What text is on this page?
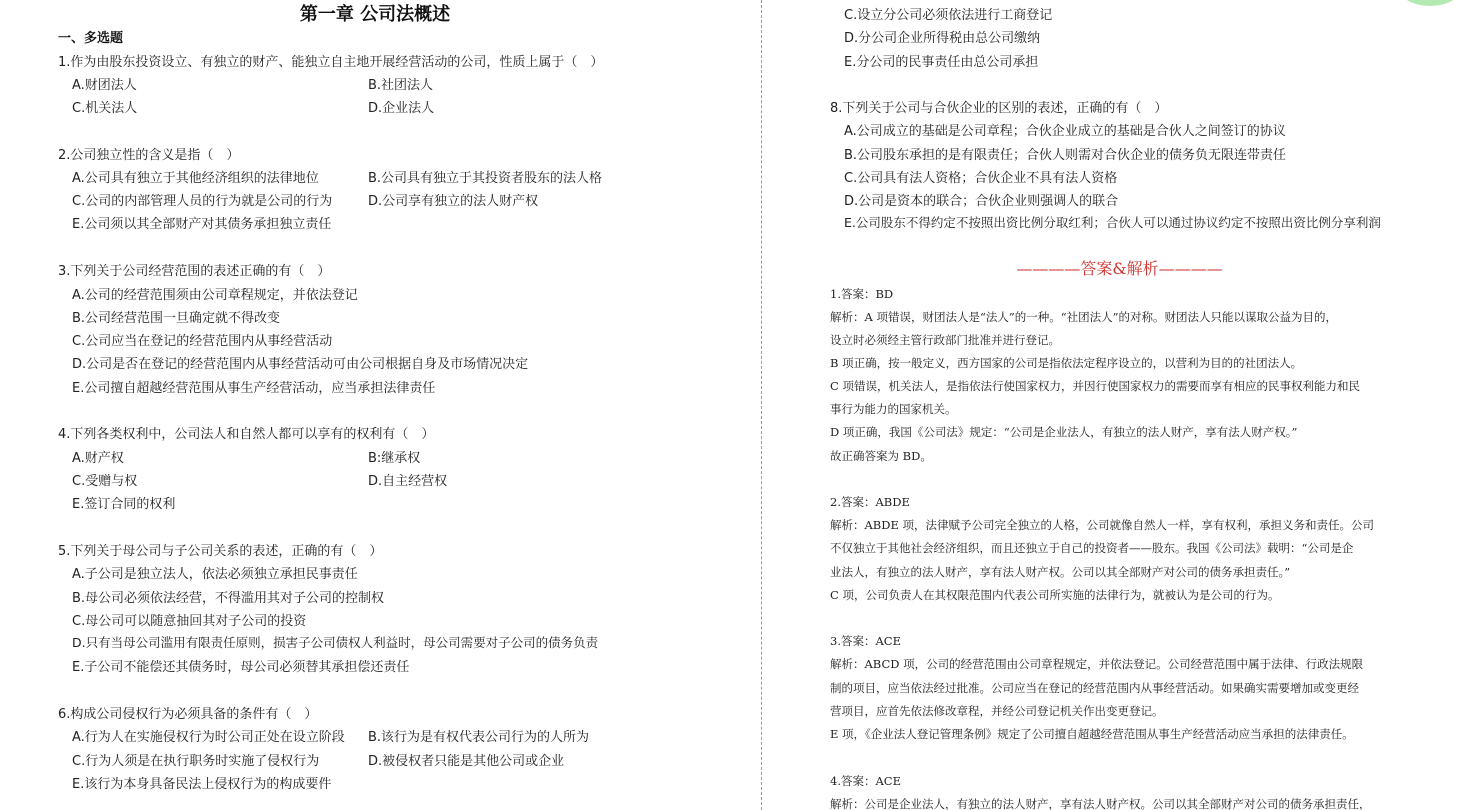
第一章 公司法概述
一、多选题
1.作为由股东投资设立、有独立的财产、能独立自主地开展经营活动的公司，性质上属于（　）
A.财团法人	B.社团法人
C.机关法人	D.企业法人
2.公司独立性的含义是指（　）
A.公司具有独立于其他经济组织的法律地位	B.公司具有独立于其投资者股东的法人格
C.公司的内部管理人员的行为就是公司的行为	D.公司享有独立的法人财产权
E.公司须以其全部财产对其债务承担独立责任
3.下列关于公司经营范围的表述正确的有（　）
A.公司的经营范围须由公司章程规定，并依法登记
B.公司经营范围一旦确定就不得改变
C.公司应当在登记的经营范围内从事经营活动
D.公司是否在登记的经营范围内从事经营活动可由公司根据自身及市场情况决定
E.公司擅自超越经营范围从事生产经营活动，应当承担法律责任
4.下列各类权利中，公司法人和自然人都可以享有的权利有（　）
A.财产权	B:继承权
C.受赠与权	D.自主经营权
E.签订合同的权利
5.下列关于母公司与子公司关系的表述，正确的有（　）
A.子公司是独立法人，依法必须独立承担民事责任
B.母公司必须依法经营，不得滥用其对子公司的控制权
C.母公司可以随意抽回其对子公司的投资
D.只有当母公司滥用有限责任原则，损害子公司债权人利益时，母公司需要对子公司的债务负责
E.子公司不能偿还其债务时，母公司必须替其承担偿还责任
6.构成公司侵权行为必须具备的条件有（　）
A.行为人在实施侵权行为时公司正处在设立阶段 B.该行为是有权代表公司行为的人所为
C.行为人须是在执行职务时实施了侵权行为	D.被侵权者只能是其他公司或企业
E.该行为本身具备民法上侵权行为的构成要件
C.设立分公司必须依法进行工商登记
D.分公司企业所得税由总公司缴纳
E.分公司的民事责任由总公司承担
8.下列关于公司与合伙企业的区别的表述，正确的有（　）
A.公司成立的基础是公司章程；合伙企业成立的基础是合伙人之间签订的协议
B.公司股东承担的是有限责任；合伙人则需对合伙企业的债务负无限连带责任
C.公司具有法人资格；合伙企业不具有法人资格
D.公司是资本的联合；合伙企业则强调人的联合
E.公司股东不得约定不按照出资比例分取红利；合伙人可以通过协议约定不按照出资比例分享利润
————答案&解析————
1.答案：BD
解析：A 项错误，财团法人是“法人”的一种。“社团法人”的对称。财团法人只能以谋取公益为目的，
设立时必须经主管行政部门批准并进行登记。
B 项正确，按一般定义，西方国家的公司是指依法定程序设立的，以营利为目的的社团法人。
C 项错误，机关法人，是指依法行使国家权力，并因行使国家权力的需要而享有相应的民事权利能力和民
事行为能力的国家机关。
D 项正确，我国《公司法》规定：“公司是企业法人，有独立的法人财产，享有法人财产权。”
故正确答案为 BD。
2.答案：ABDE
解析：ABDE 项，法律赋予公司完全独立的人格，公司就像自然人一样，享有权利，承担义务和责任。公司
不仅独立于其他社会经济组织，而且还独立于自己的投资者——股东。我国《公司法》载明：“公司是企
业法人，有独立的法人财产，享有法人财产权。公司以其全部财产对公司的债务承担责任。”
C 项，公司负责人在其权限范围内代表公司所实施的法律行为，就被认为是公司的行为。
3.答案：ACE
解析：ABCD 项，公司的经营范围由公司章程规定，并依法登记。公司经营范围中属于法律、行政法规限
制的项目，应当依法经过批准。公司应当在登记的经营范围内从事经营活动。如果确实需要增加或变更经
营项目，应首先依法修改章程，并经公司登记机关作出变更登记。
E 项，《企业法人登记管理条例》规定了公司擅自超越经营范围从事生产经营活动应当承担的法律责任。
4.答案：ACE
解析：公司是企业法人，有独立的法人财产，享有法人财产权。公司以其全部财产对公司的债务承担责任，
